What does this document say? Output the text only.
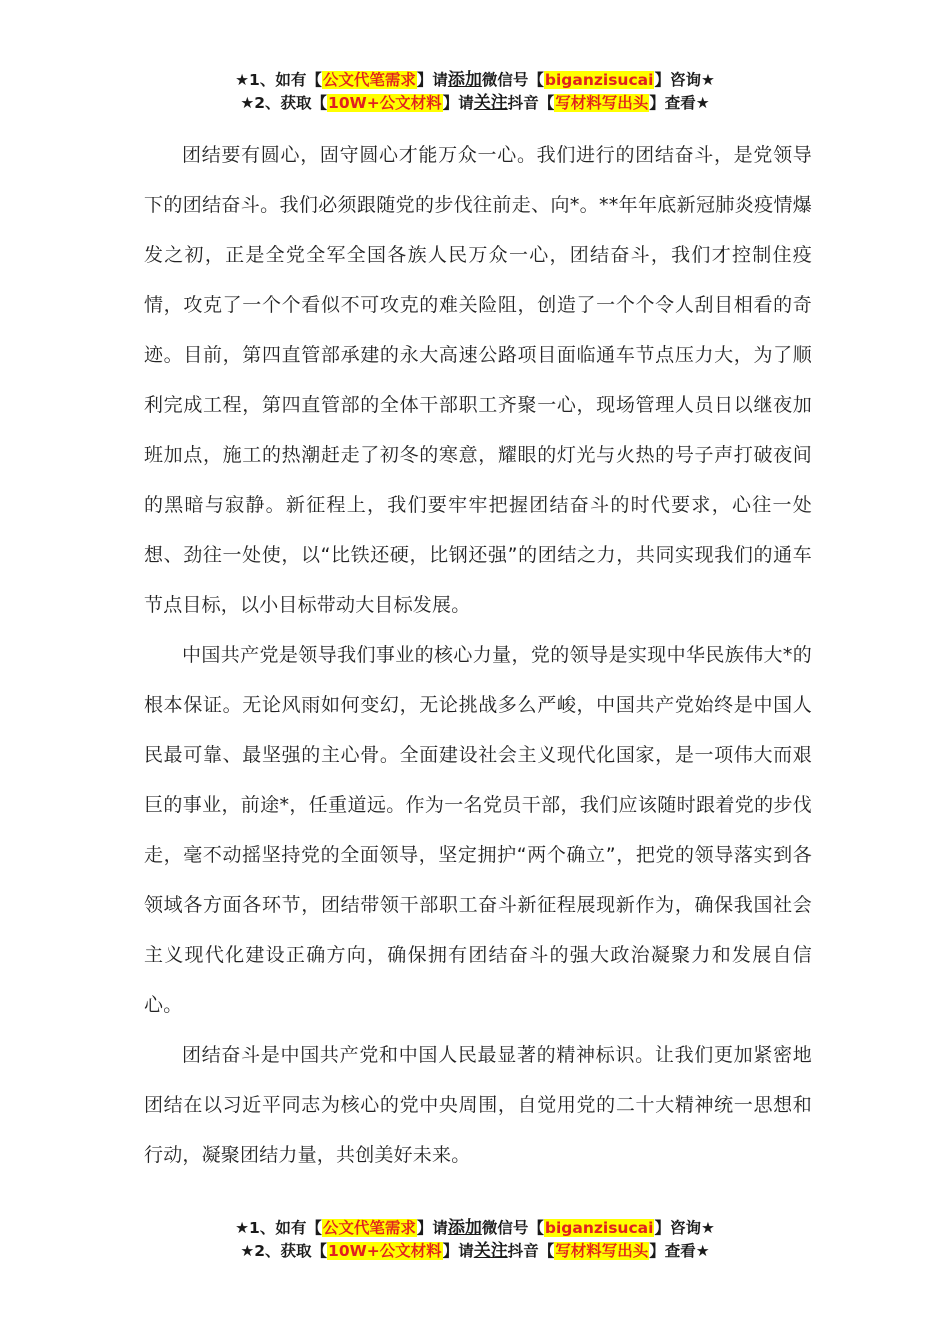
★1、如有【公文代笔需求】请添加微信号【biganzisucai】咨询★
★2、获取【10W+公文材料】请关注抖音【写材料写出头】查看★

团结要有圆心，固守圆心才能万众一心。我们进行的团结奋斗，是党领导下的团结奋斗。我们必须跟随党的步伐往前走、向*。**年年底新冠肺炎疫情爆发之初，正是全党全军全国各族人民万众一心，团结奋斗，我们才控制住疫情，攻克了一个个看似不可攻克的难关险阻，创造了一个个令人刮目相看的奇迹。目前，第四直管部承建的永大高速公路项目面临通车节点压力大，为了顺利完成工程，第四直管部的全体干部职工齐聚一心，现场管理人员日以继夜加班加点，施工的热潮赶走了初冬的寒意，耀眼的灯光与火热的号子声打破夜间的黑暗与寂静。新征程上，我们要牢牢把握团结奋斗的时代要求，心往一处想、劲往一处使，以“比铁还硬，比钢还强”的团结之力，共同实现我们的通车节点目标，以小目标带动大目标发展。

中国共产党是领导我们事业的核心力量，党的领导是实现中华民族伟大*的根本保证。无论风雨如何变幻，无论挑战多么严峻，中国共产党始终是中国人民最可靠、最坚强的主心骨。全面建设社会主义现代化国家，是一项伟大而艰巨的事业，前途*，任重道远。作为一名党员干部，我们应该随时跟着党的步伐走，毫不动摇坚持党的全面领导，坚定拥护“两个确立”，把党的领导落实到各领域各方面各环节，团结带领干部职工奋斗新征程展现新作为，确保我国社会主义现代化建设正确方向，确保拥有团结奋斗的强大政治凝聚力和发展自信心。

团结奋斗是中国共产党和中国人民最显著的精神标识。让我们更加紧密地团结在以习近平同志为核心的党中央周围，自觉用党的二十大精神统一思想和行动，凝聚团结力量，共创美好未来。

★1、如有【公文代笔需求】请添加微信号【biganzisucai】咨询★
★2、获取【10W+公文材料】请关注抖音【写材料写出头】查看★
